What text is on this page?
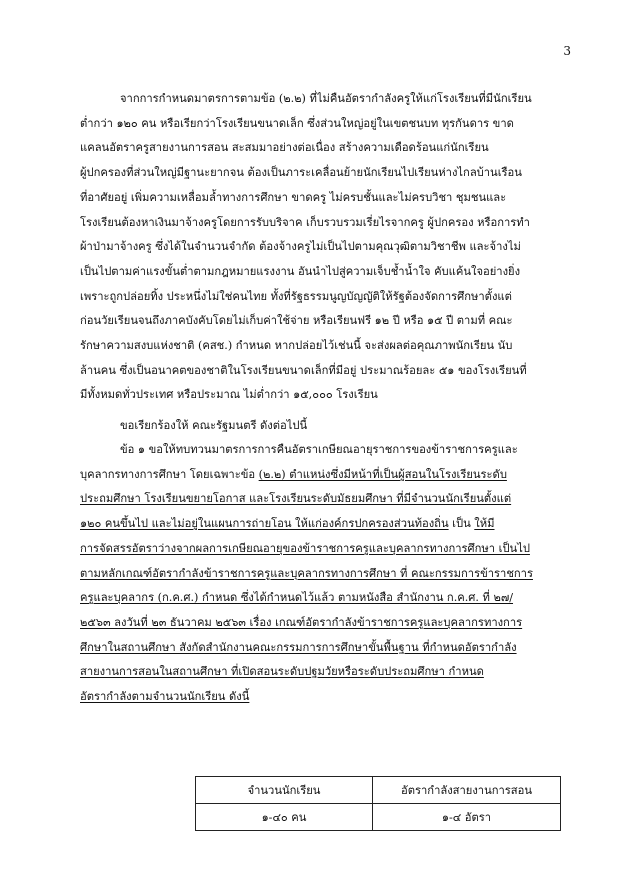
3
จากการกำหนดมาตรการตามข้อ (๒.๒) ที่ไม่คืนอัตรากำลังครูให้แก่โรงเรียนที่มีนักเรียน
ต่ำกว่า ๑๒๐ คน หรือเรียกว่าโรงเรียนขนาดเล็ก ซึ่งส่วนใหญ่อยู่ในเขตชนบท ทุรกันดาร ขาด
แคลนอัตราครูสายงานการสอน สะสมมาอย่างต่อเนื่อง สร้างความเดือดร้อนแก่นักเรียน
ผู้ปกครองที่ส่วนใหญ่มีฐานะยากจน ต้องเป็นภาระเคลื่อนย้ายนักเรียนไปเรียนห่างไกลบ้านเรือน
ที่อาศัยอยู่ เพิ่มความเหลื่อมล้ำทางการศึกษา ขาดครู ไม่ครบชั้นและไม่ครบวิชา ชุมชนและ
โรงเรียนต้องหาเงินมาจ้างครูโดยการรับบริจาค เก็บรวบรวมเรี่ยไรจากครู ผู้ปกครอง หรือการทำ
ผ้าป่ามาจ้างครู ซึ่งได้ในจำนวนจำกัด ต้องจ้างครูไม่เป็นไปตามคุณวุฒิตามวิชาชีพ และจ้างไม่
เป็นไปตามค่าแรงขั้นต่ำตามกฎหมายแรงงาน อันนำไปสู่ความเจ็บช้ำน้ำใจ คับแค้นใจอย่างยิ่ง
เพราะถูกปล่อยทิ้ง ประหนึ่งไม่ใช่คนไทย ทั้งที่รัฐธรรมนูญบัญญัติให้รัฐต้องจัดการศึกษาตั้งแต่
ก่อนวัยเรียนจนถึงภาคบังคับโดยไม่เก็บค่าใช้จ่าย หรือเรียนฟรี ๑๒ ปี หรือ ๑๕ ปี ตามที่ คณะ
รักษาความสงบแห่งชาติ (คสช.) กำหนด หากปล่อยไว้เช่นนี้ จะส่งผลต่อคุณภาพนักเรียน นับ
ล้านคน ซึ่งเป็นอนาคตของชาติในโรงเรียนขนาดเล็กที่มีอยู่ ประมาณร้อยละ ๕๑ ของโรงเรียนที่
มีทั้งหมดทั่วประเทศ หรือประมาณ ไม่ต่ำกว่า ๑๕,๐๐๐ โรงเรียน
ขอเรียกร้องให้ คณะรัฐมนตรี ดังต่อไปนี้
ข้อ ๑ ขอให้ทบทวนมาตรการการคืนอัตราเกษียณอายุราชการของข้าราชการครูและ
บุคลากรทางการศึกษา โดยเฉพาะข้อ (๒.๒) ตำแหน่งซึ่งมีหน้าที่เป็นผู้สอนในโรงเรียนระดับ
ประถมศึกษา โรงเรียนขยายโอกาส และโรงเรียนระดับมัธยมศึกษา ที่มีจำนวนนักเรียนตั้งแต่
๑๒๐ คนขึ้นไป และไม่อยู่ในแผนการถ่ายโอน ให้แก่องค์กรปกครองส่วนท้องถิ่น เป็น ให้มี
การจัดสรรอัตราว่างจากผลการเกษียณอายุของข้าราชการครูและบุคลากรทางการศึกษา เป็นไป
ตามหลักเกณฑ์อัตรากำลังข้าราชการครูและบุคลากรทางการศึกษา ที่ คณะกรรมการข้าราชการ
ครูและบุคลากร (ก.ค.ศ.) กำหนด ซึ่งได้กำหนดไว้แล้ว ตามหนังสือ สำนักงาน ก.ค.ศ. ที่ ๒๗/
๒๕๖๓ ลงวันที่ ๒๓ ธันวาคม ๒๕๖๓ เรื่อง เกณฑ์อัตรากำลังข้าราชการครูและบุคลากรทางการ
ศึกษาในสถานศึกษา สังกัดสำนักงานคณะกรรมการการศึกษาขั้นพื้นฐาน ที่กำหนดอัตรากำลัง
สายงานการสอนในสถานศึกษา ที่เปิดสอนระดับปฐมวัยหรือระดับประถมศึกษา กำหนด
อัตรากำลังตามจำนวนนักเรียน ดังนี้
จำนวนนักเรียน	อัตรากำลังสายงานการสอน
๑-๔๐ คน	๑-๔ อัตรา
